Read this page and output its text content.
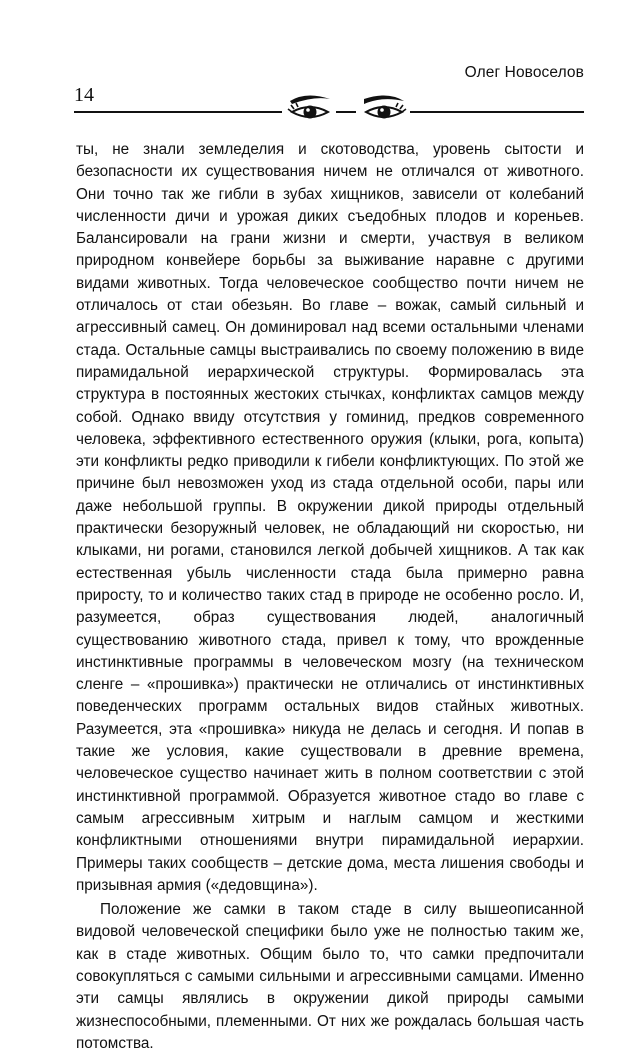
Олег Новоселов
14

ты, не знали земледелия и скотоводства, уровень сытости и безопасности их существования ничем не отличался от животного. Они точно так же гибли в зубах хищников, зависели от колебаний численности дичи и урожая диких съедобных плодов и кореньев. Балансировали на грани жизни и смерти, участвуя в великом природном конвейере борьбы за выживание наравне с другими видами животных. Тогда человеческое сообщество почти ничем не отличалось от стаи обезьян. Во главе – вожак, самый сильный и агрессивный самец. Он доминировал над всеми остальными членами стада. Остальные самцы выстраивались по своему положению в виде пирамидальной иерархической структуры. Формировалась эта структура в постоянных жестоких стычках, конфликтах самцов между собой. Однако ввиду отсутствия у гоминид, предков современного человека, эффективного естественного оружия (клыки, рога, копыта) эти конфликты редко приводили к гибели конфликтующих. По этой же причине был невозможен уход из стада отдельной особи, пары или даже небольшой группы. В окружении дикой природы отдельный практически безоружный человек, не обладающий ни скоростью, ни клыками, ни рогами, становился легкой добычей хищников. А так как естественная убыль численности стада была примерно равна приросту, то и количество таких стад в природе не особенно росло. И, разумеется, образ существования людей, аналогичный существованию животного стада, привел к тому, что врожденные инстинктивные программы в человеческом мозгу (на техническом сленге – «прошивка») практически не отличались от инстинктивных поведенческих программ остальных видов стайных животных. Разумеется, эта «прошивка» никуда не делась и сегодня. И попав в такие же условия, какие существовали в древние времена, человеческое существо начинает жить в полном соответствии с этой инстинктивной программой. Образуется животное стадо во главе с самым агрессивным хитрым и наглым самцом и жесткими конфликтными отношениями внутри пирамидальной иерархии. Примеры таких сообществ – детские дома, места лишения свободы и призывная армия («дедовщина»).

Положение же самки в таком стаде в силу вышеописанной видовой человеческой специфики было уже не полностью таким же, как в стаде животных. Общим было то, что самки предпочитали совокупляться с самыми сильными и агрессивными самцами. Именно эти самцы являлись в окружении дикой природы самыми жизнеспособными, племенными. От них же рождалась большая часть потомства.
